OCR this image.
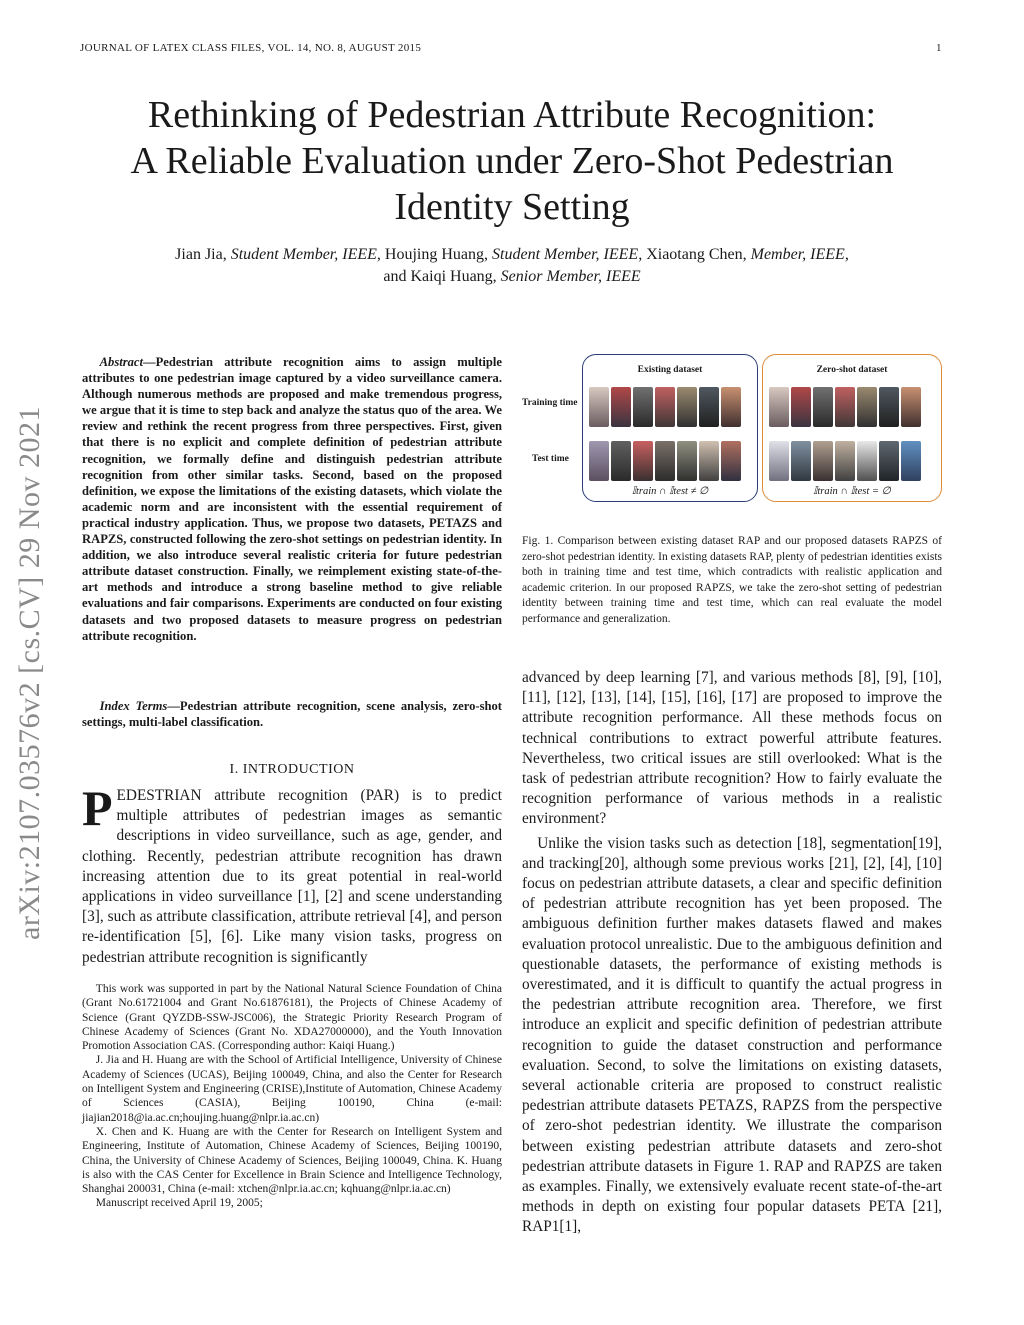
JOURNAL OF LATEX CLASS FILES, VOL. 14, NO. 8, AUGUST 2015	1
Rethinking of Pedestrian Attribute Recognition:
A Reliable Evaluation under Zero-Shot Pedestrian
Identity Setting
Jian Jia, Student Member, IEEE, Houjing Huang, Student Member, IEEE, Xiaotang Chen, Member, IEEE,
and Kaiqi Huang, Senior Member, IEEE
arXiv:2107.03576v2 [cs.CV] 29 Nov 2021
Abstract—Pedestrian attribute recognition aims to assign multiple attributes to one pedestrian image captured by a video surveillance camera. Although numerous methods are proposed and make tremendous progress, we argue that it is time to step back and analyze the status quo of the area. We review and rethink the recent progress from three perspectives. First, given that there is no explicit and complete definition of pedestrian attribute recognition, we formally define and distinguish pedestrian attribute recognition from other similar tasks. Second, based on the proposed definition, we expose the limitations of the existing datasets, which violate the academic norm and are inconsistent with the essential requirement of practical industry application. Thus, we propose two datasets, PETAZS and RAPZS, constructed following the zero-shot settings on pedestrian identity. In addition, we also introduce several realistic criteria for future pedestrian attribute dataset construction. Finally, we reimplement existing state-of-the-art methods and introduce a strong baseline method to give reliable evaluations and fair comparisons. Experiments are conducted on four existing datasets and two proposed datasets to measure progress on pedestrian attribute recognition.
Index Terms—Pedestrian attribute recognition, scene analysis, zero-shot settings, multi-label classification.
I. INTRODUCTION
PEDESTRIAN attribute recognition (PAR) is to predict multiple attributes of pedestrian images as semantic descriptions in video surveillance, such as age, gender, and clothing. Recently, pedestrian attribute recognition has drawn increasing attention due to its great potential in real-world applications in video surveillance [1], [2] and scene understanding [3], such as attribute classification, attribute retrieval [4], and person re-identification [5], [6]. Like many vision tasks, progress on pedestrian attribute recognition is significantly

This work was supported in part by the National Natural Science Foundation of China (Grant No.61721004 and Grant No.61876181), the Projects of Chinese Academy of Science (Grant QYZDB-SSW-JSC006), the Strategic Priority Research Program of Chinese Academy of Sciences (Grant No. XDA27000000), and the Youth Innovation Promotion Association CAS. (Corresponding author: Kaiqi Huang.)

J. Jia and H. Huang are with the School of Artificial Intelligence, University of Chinese Academy of Sciences (UCAS), Beijing 100049, China, and also the Center for Research on Intelligent System and Engineering (CRISE),Institute of Automation, Chinese Academy of Sciences (CASIA), Beijing 100190, China (e-mail: jiajian2018@ia.ac.cn;houjing.huang@nlpr.ia.ac.cn)

X. Chen and K. Huang are with the Center for Research on Intelligent System and Engineering, Institute of Automation, Chinese Academy of Sciences, Beijing 100190, China, the University of Chinese Academy of Sciences, Beijing 100049, China. K. Huang is also with the CAS Center for Excellence in Brain Science and Intelligence Technology, Shanghai 200031, China (e-mail: xtchen@nlpr.ia.ac.cn; kqhuang@nlpr.ia.ac.cn)

Manuscript received April 19, 2005;

Training time
Test time
Existing dataset
𝕀train ∩ 𝕀test ≠ ∅
Zero-shot dataset
𝕀train ∩ 𝕀test = ∅
Fig. 1. Comparison between existing dataset RAP and our proposed datasets RAPZS of zero-shot pedestrian identity. In existing datasets RAP, plenty of pedestrian identities exists both in training time and test time, which contradicts with realistic application and academic criterion. In our proposed RAPZS, we take the zero-shot setting of pedestrian identity between training time and test time, which can real evaluate the model performance and generalization.

advanced by deep learning [7], and various methods [8], [9], [10], [11], [12], [13], [14], [15], [16], [17] are proposed to improve the attribute recognition performance. All these methods focus on technical contributions to extract powerful attribute features. Nevertheless, two critical issues are still overlooked: What is the task of pedestrian attribute recognition? How to fairly evaluate the recognition performance of various methods in a realistic environment?

Unlike the vision tasks such as detection [18], segmentation[19], and tracking[20], although some previous works [21], [2], [4], [10] focus on pedestrian attribute datasets, a clear and specific definition of pedestrian attribute recognition has yet been proposed. The ambiguous definition further makes datasets flawed and makes evaluation protocol unrealistic. Due to the ambiguous definition and questionable datasets, the performance of existing methods is overestimated, and it is difficult to quantify the actual progress in the pedestrian attribute recognition area. Therefore, we first introduce an explicit and specific definition of pedestrian attribute recognition to guide the dataset construction and performance evaluation. Second, to solve the limitations on existing datasets, several actionable criteria are proposed to construct realistic pedestrian attribute datasets PETAZS, RAPZS from the perspective of zero-shot pedestrian identity. We illustrate the comparison between existing pedestrian attribute datasets and zero-shot pedestrian attribute datasets in Figure 1. RAP and RAPZS are taken as examples. Finally, we extensively evaluate recent state-of-the-art methods in depth on existing four popular datasets PETA [21], RAP1[1],
